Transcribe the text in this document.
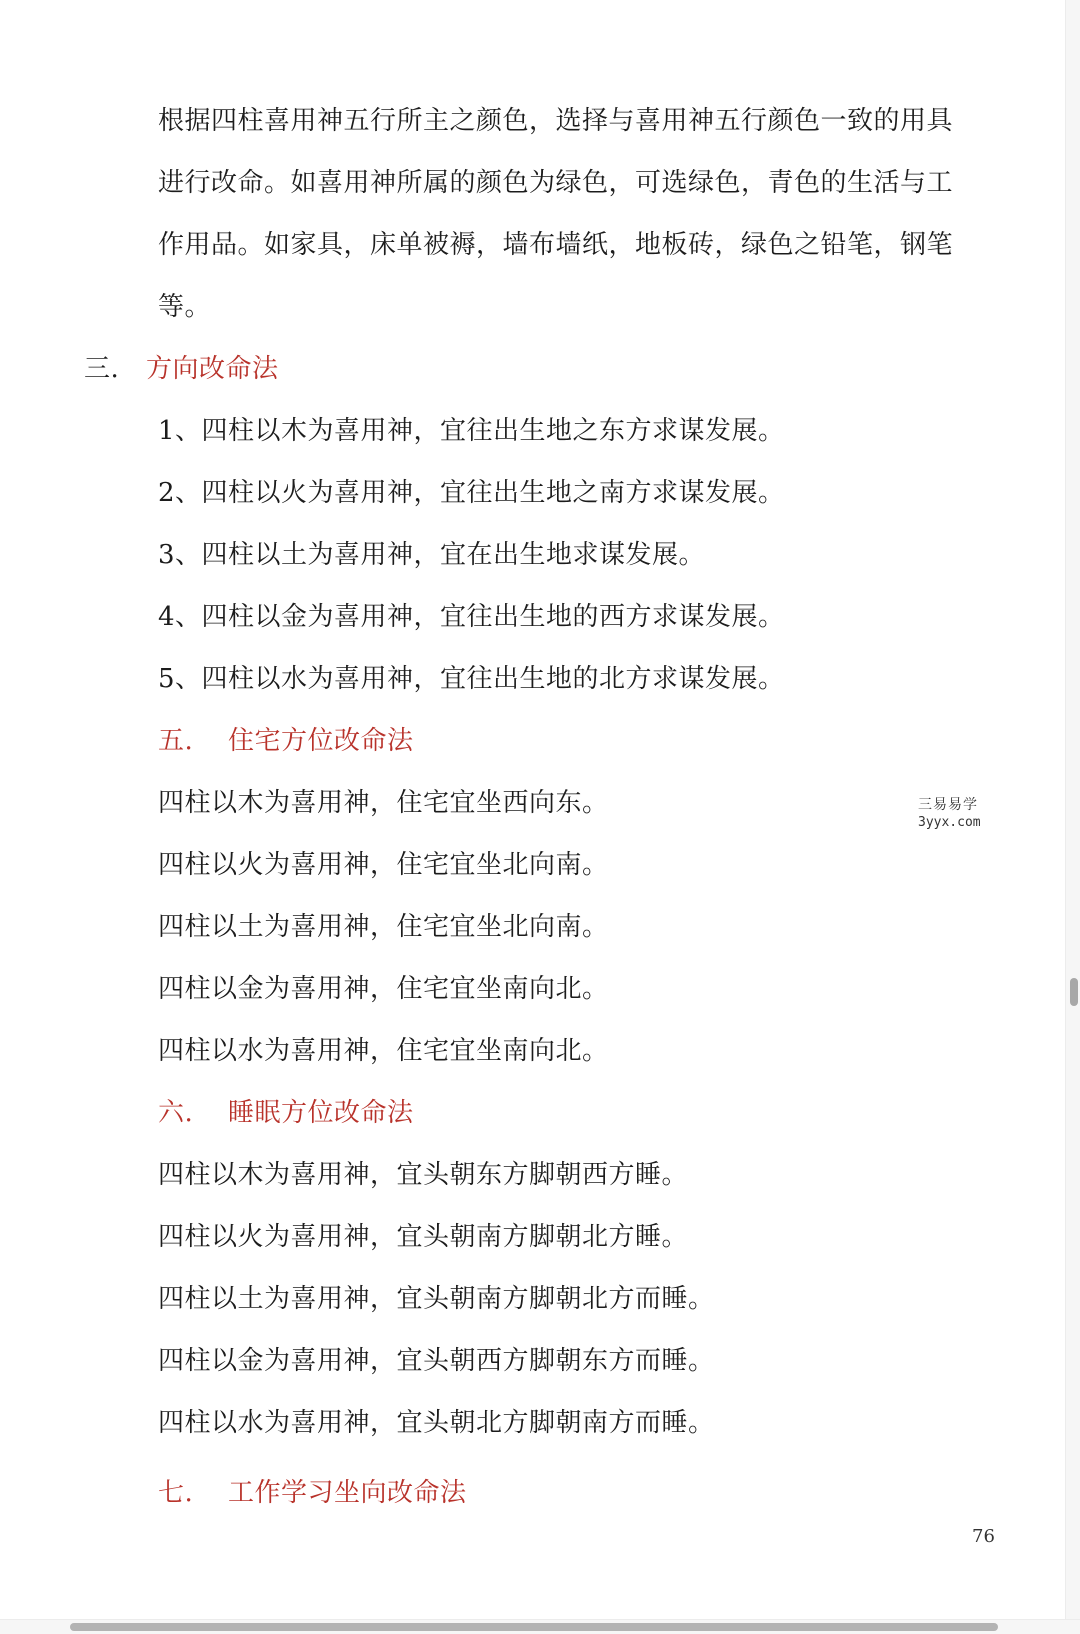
根据四柱喜用神五行所主之颜色，选择与喜用神五行颜色一致的用具
进行改命。如喜用神所属的颜色为绿色，可选绿色，青色的生活与工
作用品。如家具，床单被褥，墙布墙纸，地板砖，绿色之铅笔，钢笔
等。
三. 方向改命法
1、四柱以木为喜用神，宜往出生地之东方求谋发展。
2、四柱以火为喜用神，宜往出生地之南方求谋发展。
3、四柱以土为喜用神，宜在出生地求谋发展。
4、四柱以金为喜用神，宜往出生地的西方求谋发展。
5、四柱以水为喜用神，宜往出生地的北方求谋发展。
五. 住宅方位改命法
四柱以木为喜用神，住宅宜坐西向东。
四柱以火为喜用神，住宅宜坐北向南。
四柱以土为喜用神，住宅宜坐北向南。
四柱以金为喜用神，住宅宜坐南向北。
四柱以水为喜用神，住宅宜坐南向北。
六. 睡眠方位改命法
四柱以木为喜用神，宜头朝东方脚朝西方睡。
四柱以火为喜用神，宜头朝南方脚朝北方睡。
四柱以土为喜用神，宜头朝南方脚朝北方而睡。
四柱以金为喜用神，宜头朝西方脚朝东方而睡。
四柱以水为喜用神，宜头朝北方脚朝南方而睡。
七. 工作学习坐向改命法
三易易学
3yyx.com
76
